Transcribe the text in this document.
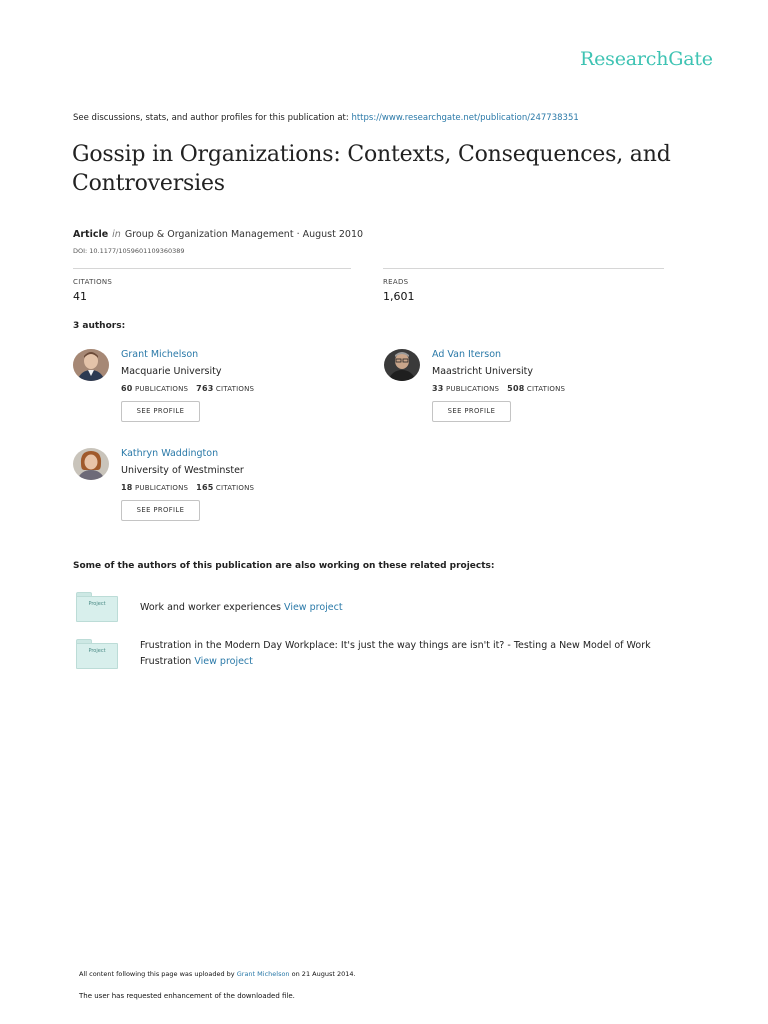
ResearchGate
See discussions, stats, and author profiles for this publication at: https://www.researchgate.net/publication/247738351
Gossip in Organizations: Contexts, Consequences, and Controversies
Article in Group & Organization Management · August 2010
DOI: 10.1177/1059601109360389
CITATIONS
41
READS
1,601
3 authors:
Grant Michelson
Macquarie University
60 PUBLICATIONS 763 CITATIONS
SEE PROFILE
Ad Van Iterson
Maastricht University
33 PUBLICATIONS 508 CITATIONS
SEE PROFILE
Kathryn Waddington
University of Westminster
18 PUBLICATIONS 165 CITATIONS
SEE PROFILE
Some of the authors of this publication are also working on these related projects:
Project	Work and worker experiences View project
Project	Frustration in the Modern Day Workplace: It's just the way things are isn't it? - Testing a New Model of Work Frustration View project
All content following this page was uploaded by Grant Michelson on 21 August 2014.
The user has requested enhancement of the downloaded file.
